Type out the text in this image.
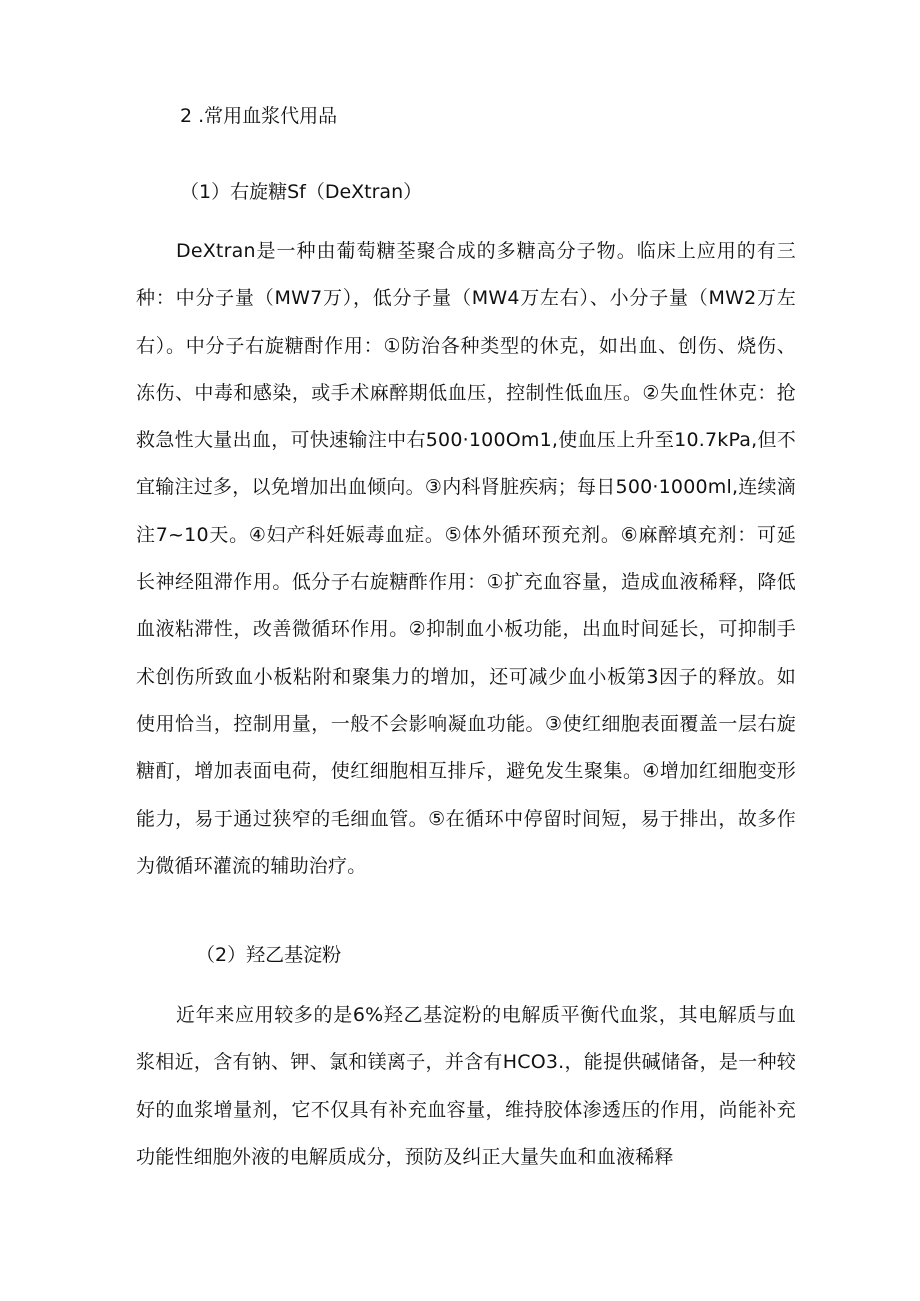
2 .常用血浆代用品
（1）右旋糖Sf（DeXtran）

DeXtran是一种由葡萄糖荃聚合成的多糖高分子物。临床上应用的有三种：中分子量（MW7万），低分子量（MW4万左右）、小分子量（MW2万左右）。中分子右旋糖酎作用：①防治各种类型的休克，如出血、创伤、烧伤、冻伤、中毒和感染，或手术麻醉期低血压，控制性低血压。②失血性休克：抢救急性大量出血，可快速输注中右500·100Om1,使血压上升至10.7kPa,但不宜输注过多，以免增加出血倾向。③内科肾脏疾病；每日500·1000ml,连续滴注7~10天。④妇产科妊娠毒血症。⑤体外循环预充剂。⑥麻醉填充剂：可延长神经阻滞作用。低分子右旋糖酢作用：①扩充血容量，造成血液稀释，降低血液粘滞性，改善微循环作用。②抑制血小板功能，出血时间延长，可抑制手术创伤所致血小板粘附和聚集力的增加，还可减少血小板第3因子的释放。如使用恰当，控制用量，一般不会影响凝血功能。③使红细胞表面覆盖一层右旋糖酊，增加表面电荷，使红细胞相互排斥，避免发生聚集。④增加红细胞变形能力，易于通过狭窄的毛细血管。⑤在循环中停留时间短，易于排出，故多作为微循环灌流的辅助治疗。

（2）羟乙基淀粉

近年来应用较多的是6%羟乙基淀粉的电解质平衡代血浆，其电解质与血浆相近，含有钠、钾、氯和镁离子，并含有HCO3.，能提供碱储备，是一种较好的血浆增量剂，它不仅具有补充血容量，维持胶体渗透压的作用，尚能补充功能性细胞外液的电解质成分，预防及纠正大量失血和血液稀释
